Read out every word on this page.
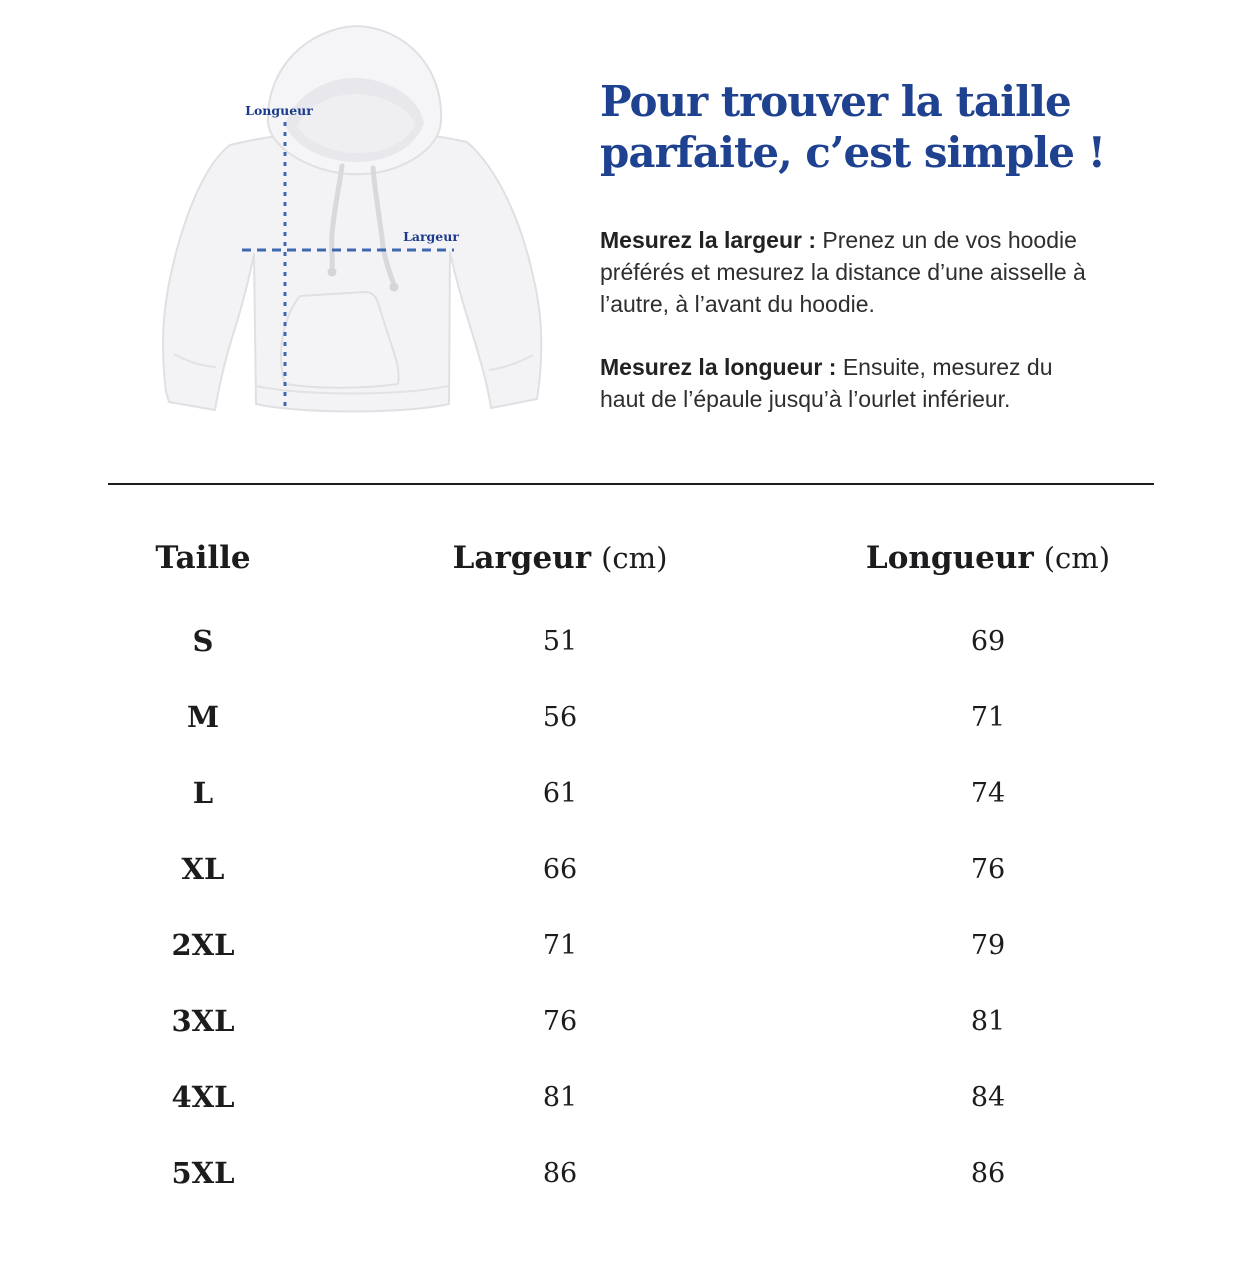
Longueur
Largeur
Pour trouver la taille
parfaite, c’est simple !

Mesurez la largeur : Prenez un de vos hoodie
préférés et mesurez la distance d’une aisselle à
l’autre, à l’avant du hoodie.

Mesurez la longueur : Ensuite, mesurez du
haut de l’épaule jusqu’à l’ourlet inférieur.

Taille	Largeur (cm)	Longueur (cm)
S	51	69
M	56	71
L	61	74
XL	66	76
2XL	71	79
3XL	76	81
4XL	81	84
5XL	86	86
